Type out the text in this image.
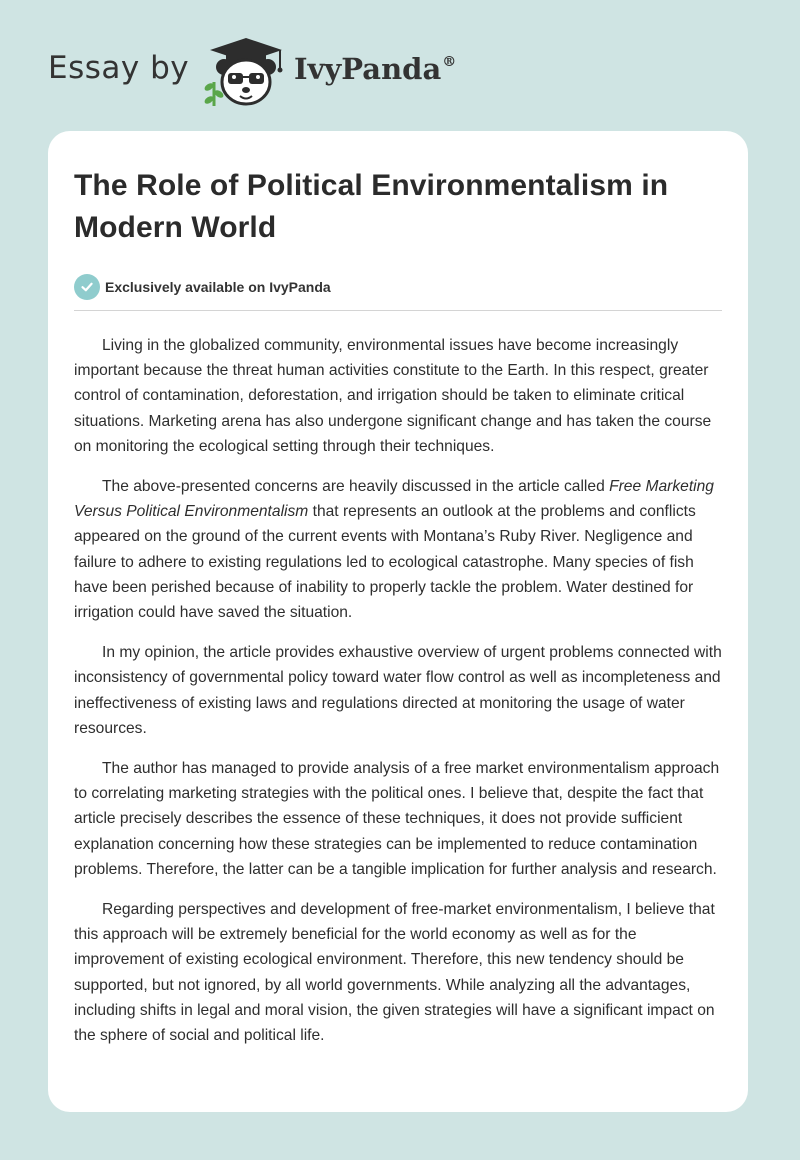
Essay by	IvyPanda®
The Role of Political Environmentalism in Modern World
Exclusively available on IvyPanda

Living in the globalized community, environmental issues have become increasingly important because the threat human activities constitute to the Earth. In this respect, greater control of contamination, deforestation, and irrigation should be taken to eliminate critical situations. Marketing arena has also undergone significant change and has taken the course on monitoring the ecological setting through their techniques.

The above-presented concerns are heavily discussed in the article called Free Marketing Versus Political Environmentalism that represents an outlook at the problems and conflicts appeared on the ground of the current events with Montana’s Ruby River. Negligence and failure to adhere to existing regulations led to ecological catastrophe. Many species of fish have been perished because of inability to properly tackle the problem. Water destined for irrigation could have saved the situation.

In my opinion, the article provides exhaustive overview of urgent problems connected with inconsistency of governmental policy toward water flow control as well as incompleteness and ineffectiveness of existing laws and regulations directed at monitoring the usage of water resources.

The author has managed to provide analysis of a free market environmentalism approach to correlating marketing strategies with the political ones. I believe that, despite the fact that article precisely describes the essence of these techniques, it does not provide sufficient explanation concerning how these strategies can be implemented to reduce contamination problems. Therefore, the latter can be a tangible implication for further analysis and research.

Regarding perspectives and development of free-market environmentalism, I believe that this approach will be extremely beneficial for the world economy as well as for the improvement of existing ecological environment. Therefore, this new tendency should be supported, but not ignored, by all world governments. While analyzing all the advantages, including shifts in legal and moral vision, the given strategies will have a significant impact on the sphere of social and political life.
